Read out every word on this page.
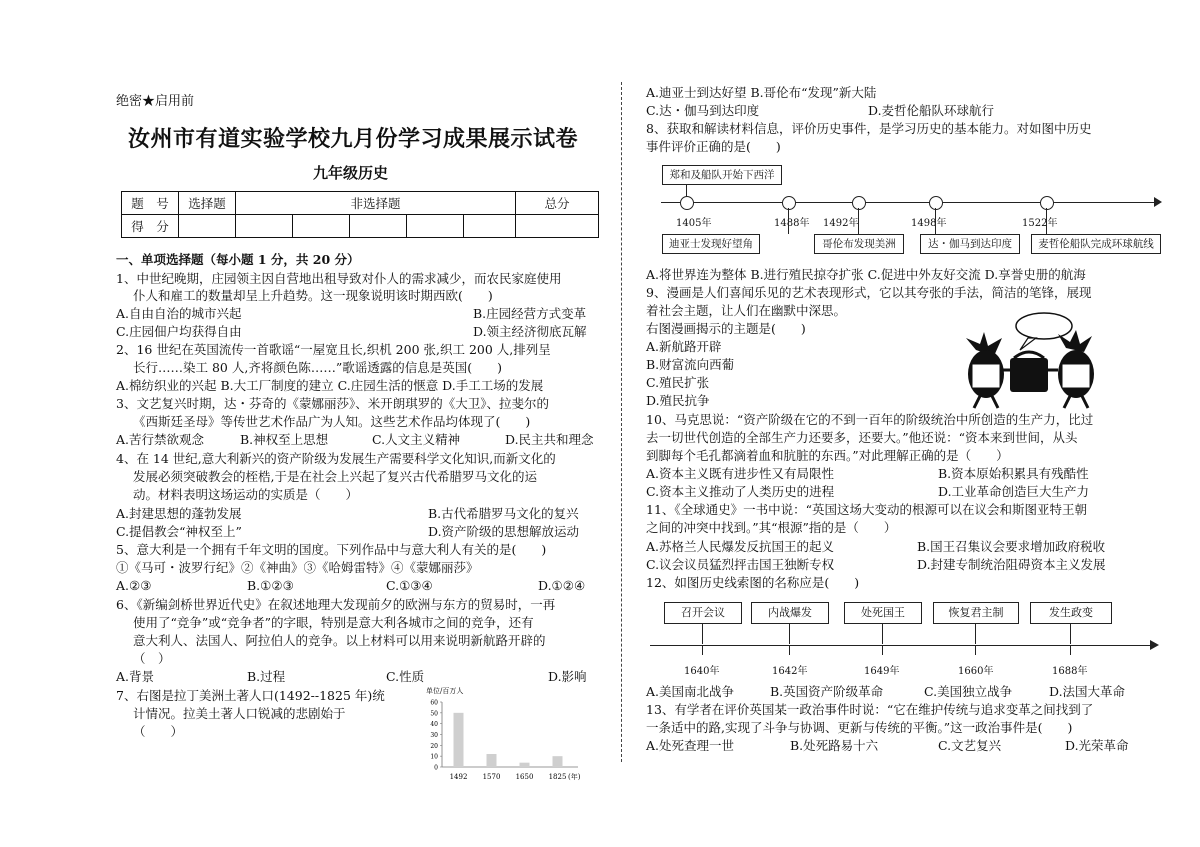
绝密★启用前
汝州市有道实验学校九月份学习成果展示试卷
九年级历史
题　号	选择题	非选择题					总分
得　分							
一、单项选择题（每小题 1 分，共 20 分）
1、中世纪晚期，庄园领主因自营地出租导致对仆人的需求减少，而农民家庭使用
仆人和雇工的数量却呈上升趋势。这一现象说明该时期西欧(　　)
A.自由自治的城市兴起	B.庄园经营方式变革
C.庄园佃户均获得自由	D.领主经济彻底瓦解
2、16 世纪在英国流传一首歌谣“一屋宽且长,织机 200 张,织工 200 人,排列呈
长行……染工 80 人,齐将颜色陈……”歌谣透露的信息是英国(　　)
A.棉纺织业的兴起 B.大工厂制度的建立 C.庄园生活的惬意 D.手工工场的发展
3、文艺复兴时期，达・芬奇的《蒙娜丽莎》、米开朗琪罗的《大卫》、拉斐尔的
《西斯廷圣母》等传世艺术作品广为人知。这些艺术作品均体现了(　　)
A.苦行禁欲观念	B.神权至上思想	C.人文主义精神	D.民主共和理念
4、在 14 世纪,意大利新兴的资产阶级为发展生产需要科学文化知识,而新文化的
发展必须突破教会的桎梏,于是在社会上兴起了复兴古代希腊罗马文化的运
动。材料表明这场运动的实质是（　　）
A.封建思想的蓬勃发展	B.古代希腊罗马文化的复兴
C.提倡教会“神权至上”	D.资产阶级的思想解放运动
5、意大利是一个拥有千年文明的国度。下列作品中与意大利人有关的是(　　)
①《马可・波罗行纪》②《神曲》③《哈姆雷特》④《蒙娜丽莎》
A.②③	B.①②③	C.①③④	D.①②④
6、《新编剑桥世界近代史》在叙述地理大发现前夕的欧洲与东方的贸易时，一再
使用了“竞争”或“竞争者”的字眼，特别是意大利各城市之间的竞争，还有
意大利人、法国人、阿拉伯人的竞争。以上材料可以用来说明新航路开辟的
（　）
A.背景	B.过程	C.性质	D.影响
7、右图是拉丁美洲土著人口(1492--1825 年)统
计情况。拉美土著人口锐减的悲剧始于
（　　）
单位/百万人
0
10
20
30
40
50
60
1492 1570 1650 1825 (年)
A.迪亚士到达好望 B.哥伦布“发现”新大陆
C.达・伽马到达印度	D.麦哲伦船队环球航行
8、获取和解读材料信息，评价历史事件，是学习历史的基本能力。对如图中历史
事件评价正确的是(　　)
郑和及船队开始下西洋
1405年	1488年 1492年	1498年	1522年
迪亚士发现好望角	哥伦布发现美洲	达・伽马到达印度	麦哲伦船队完成环球航线
A.将世界连为整体 B.进行殖民掠夺扩张 C.促进中外友好交流 D.享誉史册的航海
9、漫画是人们喜闻乐见的艺术表现形式，它以其夸张的手法，简洁的笔锋，展现
着社会主题，让人们在幽默中深思。
右图漫画揭示的主题是(　　)
A.新航路开辟
B.财富流向西葡
C.殖民扩张
D.殖民抗争
10、马克思说：“资产阶级在它的不到一百年的阶级统治中所创造的生产力，比过
去一切世代创造的全部生产力还要多，还要大。”他还说：“资本来到世间，从头
到脚每个毛孔都滴着血和肮脏的东西。”对此理解正确的是（　　）
A.资本主义既有进步性又有局限性	B.资本原始积累具有残酷性
C.资本主义推动了人类历史的进程	D.工业革命创造巨大生产力
11、《全球通史》一书中说：“英国这场大变动的根源可以在议会和斯图亚特王朝
之间的冲突中找到。”其“根源”指的是（　　）
A.苏格兰人民爆发反抗国王的起义	B.国王召集议会要求增加政府税收
C.议会议员猛烈抨击国王独断专权	D.封建专制统治阻碍资本主义发展
12、如图历史线索图的名称应是(　　)
召开会议	内战爆发	处死国王	恢复君主制	发生政变
1640年	1642年	1649年	1660年	1688年
A.美国南北战争	B.英国资产阶级革命	C.美国独立战争	D.法国大革命
13、有学者在评价英国某一政治事件时说：“它在维护传统与追求变革之间找到了
一条适中的路,实现了斗争与协调、更新与传统的平衡。”这一政治事件是(　　)
A.处死查理一世	B.处死路易十六	C.文艺复兴	D.光荣革命
